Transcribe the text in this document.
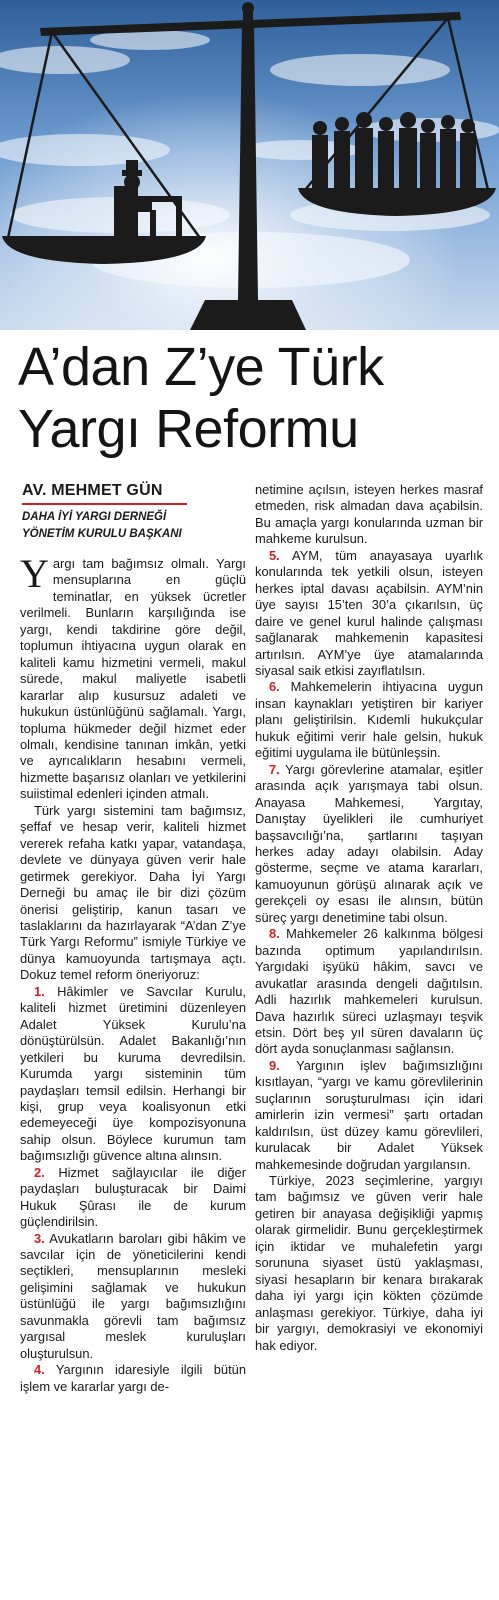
A’dan Z’ye Türk Yargı Reformu
AV. MEHMET GÜN
DAHA İYİ YARGI DERNEĞİ YÖNETİM KURULU BAŞKANI

Yargı tam bağımsız olmalı. Yargı mensuplarına en güçlü teminatlar, en yüksek ücretler verilmeli. Bunların karşılığında ise yargı, kendi takdirine göre değil, toplumun ihtiyacına uygun olarak en kaliteli kamu hizmetini vermeli, makul sürede, makul maliyetle isabetli kararlar alıp kusursuz adaleti ve hukukun üstünlüğünü sağlamalı. Yargı, topluma hükmeder değil hizmet eder olmalı, kendisine tanınan imkân, yetki ve ayrıcalıkların hesabını vermeli, hizmette başarısız olanları ve yetkilerini suiistimal edenleri içinden atmalı.

Türk yargı sistemini tam bağımsız, şeffaf ve hesap verir, kaliteli hizmet vererek refaha katkı yapar, vatandaşa, devlete ve dünyaya güven verir hale getirmek gerekiyor. Daha İyi Yargı Derneği bu amaç ile bir dizi çözüm önerisi geliştirip, kanun tasarı ve taslaklarını da hazırlayarak “A’dan Z’ye Türk Yargı Reformu” ismiyle Türkiye ve dünya kamuoyunda tartışmaya açtı. Dokuz temel reform öneriyoruz:

1. Hâkimler ve Savcılar Kurulu, kaliteli hizmet üretimini düzenleyen Adalet Yüksek Kurulu’na dönüştürülsün. Adalet Bakanlığı’nın yetkileri bu kuruma devredilsin. Kurumda yargı sisteminin tüm paydaşları temsil edilsin. Herhangi bir kişi, grup veya koalisyonun etki edemeyeceği üye kompozisyonuna sahip olsun. Böylece kurumun tam bağımsızlığı güvence altına alınsın.

2. Hizmet sağlayıcılar ile diğer paydaşları buluşturacak bir Daimi Hukuk Şûrası ile de kurum güçlendirilsin.

3. Avukatların baroları gibi hâkim ve savcılar için de yöneticilerini kendi seçtikleri, mensuplarının mesleki gelişimini sağlamak ve hukukun üstünlüğü ile yargı bağımsızlığını savunmakla görevli tam bağımsız yargısal meslek kuruluşları oluşturulsun.

4. Yargının idaresiyle ilgili bütün işlem ve kararlar yargı de-

netimine açılsın, isteyen herkes masraf etmeden, risk almadan dava açabilsin. Bu amaçla yargı konularında uzman bir mahkeme kurulsun.

5. AYM, tüm anayasaya uyarlık konularında tek yetkili olsun, isteyen herkes iptal davası açabilsin. AYM’nin üye sayısı 15’ten 30’a çıkarılsın, üç daire ve genel kurul halinde çalışması sağlanarak mahkemenin kapasitesi artırılsın. AYM’ye üye atamalarında siyasal saik etkisi zayıflatılsın.

6. Mahkemelerin ihtiyacına uygun insan kaynakları yetiştiren bir kariyer planı geliştirilsin. Kıdemli hukukçular hukuk eğitimi verir hale gelsin, hukuk eğitimi uygulama ile bütünleşsin.

7. Yargı görevlerine atamalar, eşitler arasında açık yarışmaya tabi olsun. Anayasa Mahkemesi, Yargıtay, Danıştay üyelikleri ile cumhuriyet başsavcılığı’na, şartlarını taşıyan herkes aday adayı olabilsin. Aday gösterme, seçme ve atama kararları, kamuoyunun görüşü alınarak açık ve gerekçeli oy esası ile alınsın, bütün süreç yargı denetimine tabi olsun.

8. Mahkemeler 26 kalkınma bölgesi bazında optimum yapılandırılsın. Yargıdaki işyükü hâkim, savcı ve avukatlar arasında dengeli dağıtılsın. Adli hazırlık mahkemeleri kurulsun. Dava hazırlık süreci uzlaşmayı teşvik etsin. Dört beş yıl süren davaların üç dört ayda sonuçlanması sağlansın.

9. Yargının işlev bağımsızlığını kısıtlayan, “yargı ve kamu görevlilerinin suçlarının soruşturulması için idari amirlerin izin vermesi” şartı ortadan kaldırılsın, üst düzey kamu görevlileri, kurulacak bir Adalet Yüksek mahkemesinde doğrudan yargılansın.

Türkiye, 2023 seçimlerine, yargıyı tam bağımsız ve güven verir hale getiren bir anayasa değişikliği yapmış olarak girmelidir. Bunu gerçekleştirmek için iktidar ve muhalefetin yargı sorununa siyaset üstü yaklaşması, siyasi hesapların bir kenara bırakarak daha iyi yargı için kökten çözümde anlaşması gerekiyor. Türkiye, daha iyi bir yargıyı, demokrasiyi ve ekonomiyi hak ediyor.
